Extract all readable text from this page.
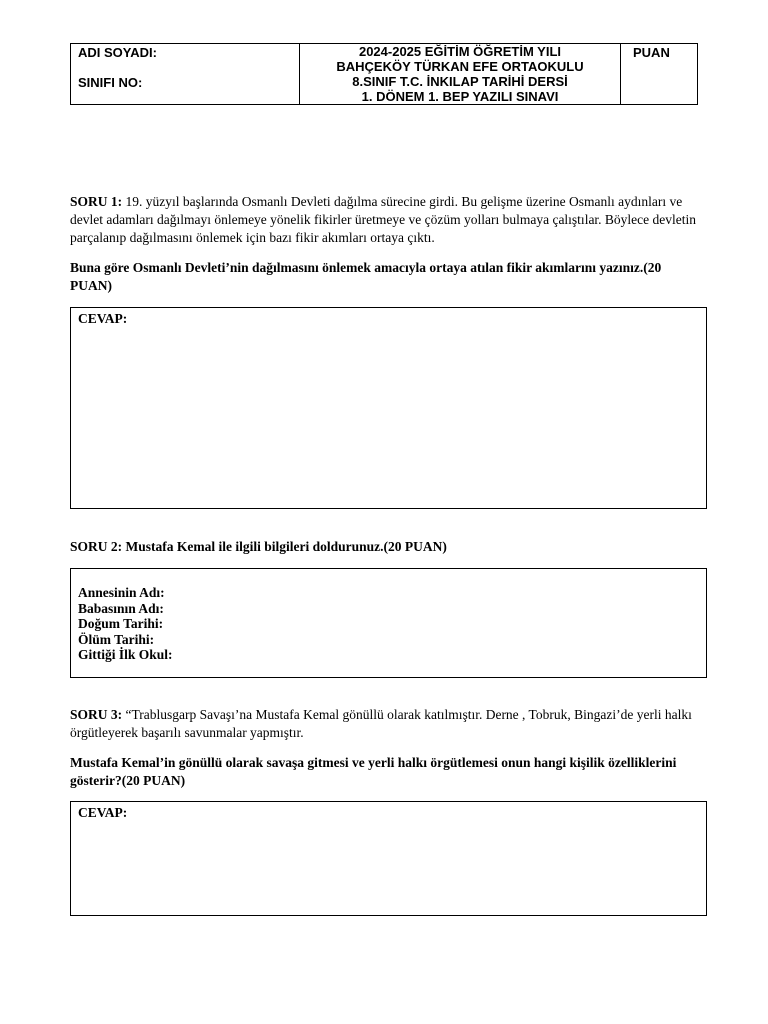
ADI SOYADI:
SINIFI NO:

2024-2025 EĞİTİM ÖĞRETİM YILI
BAHÇEKÖY TÜRKAN EFE ORTAOKULU
8.SINIF T.C. İNKILAP TARİHİ DERSİ
1. DÖNEM 1. BEP YAZILI SINAVI

PUAN
SORU 1: 19. yüzyıl başlarında Osmanlı Devleti dağılma sürecine girdi. Bu gelişme üzerine Osmanlı aydınları ve devlet adamları dağılmayı önlemeye yönelik fikirler üretmeye ve çözüm yolları bulmaya çalıştılar. Böylece devletin parçalanıp dağılmasını önlemek için bazı fikir akımları ortaya çıktı.
Buna göre Osmanlı Devleti’nin dağılmasını önlemek amacıyla ortaya atılan fikir akımlarını yazınız.(20 PUAN)
CEVAP:
SORU 2: Mustafa Kemal ile ilgili bilgileri doldurunuz.(20 PUAN)
Annesinin Adı:
Babasının Adı:
Doğum Tarihi:
Ölüm Tarihi:
Gittiği İlk Okul:
SORU 3: “Trablusgarp Savaşı’na Mustafa Kemal gönüllü olarak katılmıştır. Derne , Tobruk, Bingazi’de yerli halkı örgütleyerek başarılı savunmalar yapmıştır.
Mustafa Kemal’in gönüllü olarak savaşa gitmesi ve yerli halkı örgütlemesi onun hangi kişilik özelliklerini gösterir?(20 PUAN)
CEVAP:
